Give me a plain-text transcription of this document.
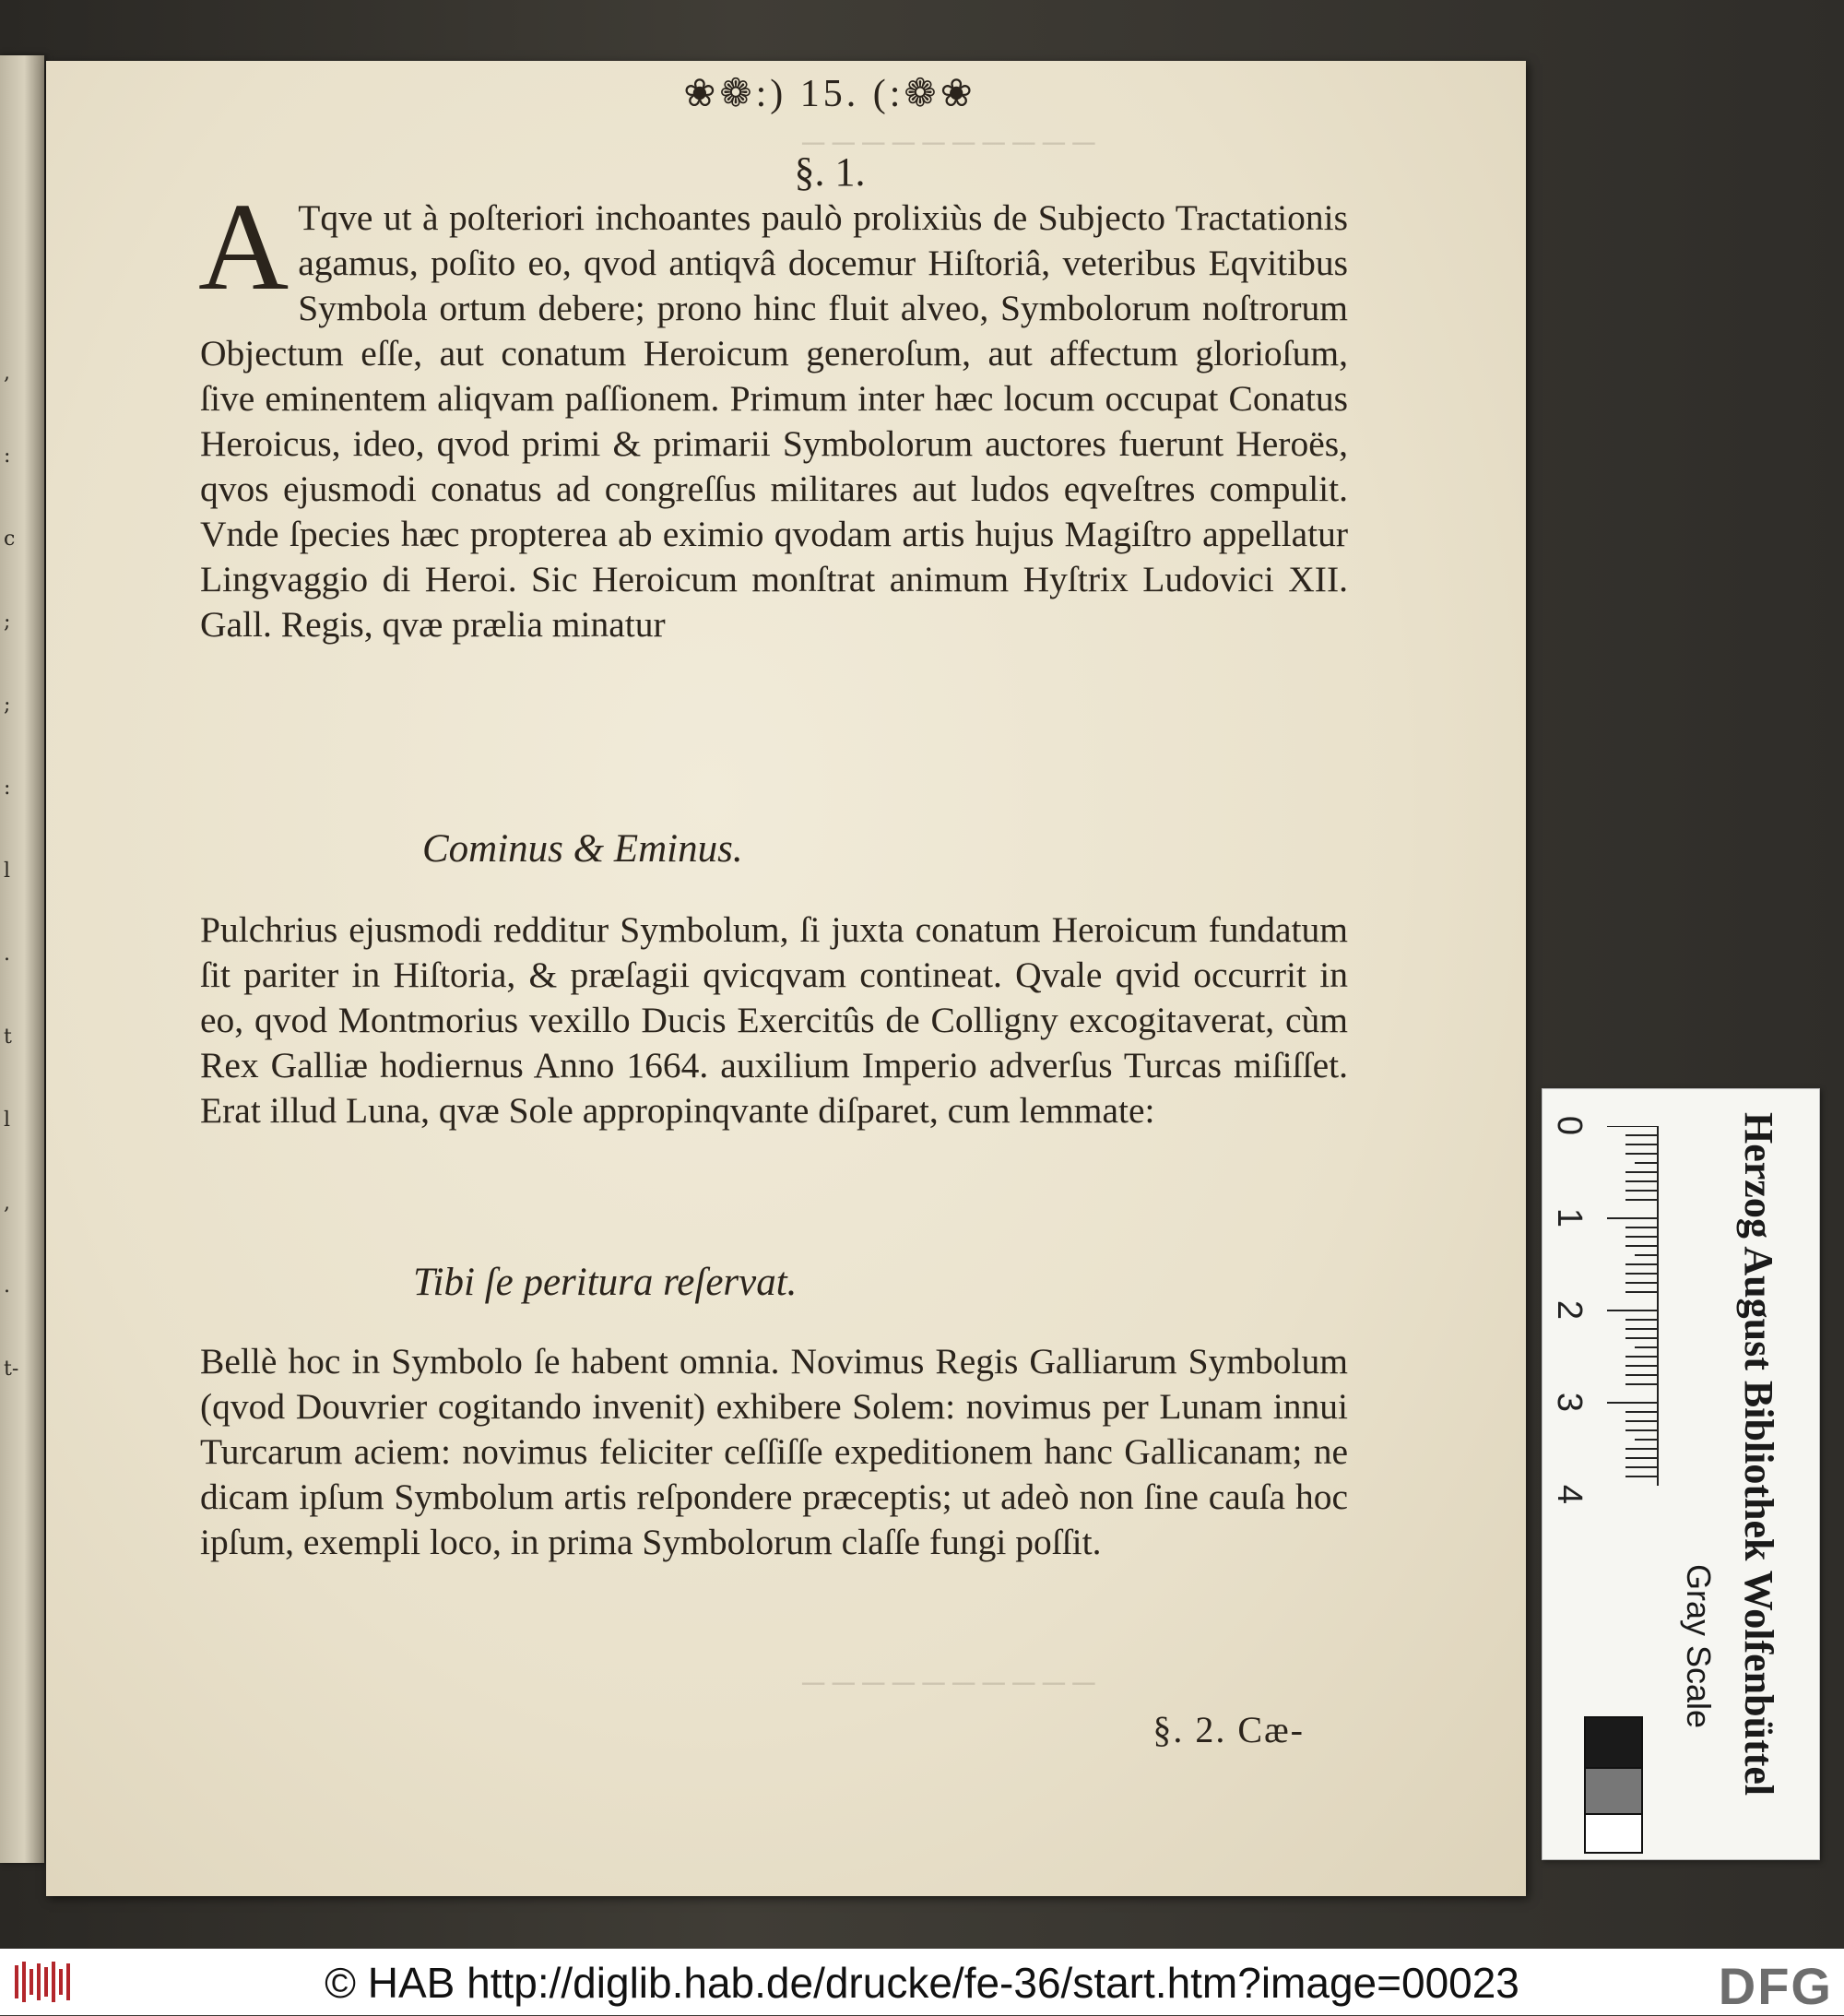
,
:
c
;
;
:
l
.
t
l
,
.
t-
❀❁:) 15. (:❁❀
§. 1.
A Tqve ut à poſteriori inchoantes paulò prolixiùs de Subjecto Tractationis agamus, poſito eo, qvod antiqvâ docemur Hiſtoriâ, veteribus Eqvitibus Symbola ortum debere; prono hinc fluit alveo, Symbolorum noſtrorum Objectum eſſe, aut conatum Heroicum generoſum, aut affectum glorioſum, ſive eminentem aliqvam paſſionem. Primum inter hæc locum occupat Conatus Heroicus, ideo, qvod primi & primarii Symbolorum auctores fuerunt Heroës, qvos ejusmodi conatus ad congreſſus militares aut ludos eqveſtres compulit. Vnde ſpecies hæc propterea ab eximio qvodam artis hujus Magiſtro appellatur Lingvaggio di Heroi. Sic Heroicum monſtrat animum Hyſtrix Ludovici XII. Gall. Regis, qvæ prælia minatur

Cominus & Eminus.

Pulchrius ejusmodi redditur Symbolum, ſi juxta conatum Heroicum fundatum ſit pariter in Hiſtoria, & præſagii qvicqvam contineat. Qvale qvid occurrit in eo, qvod Montmorius vexillo Ducis Exercitûs de Colligny excogitaverat, cùm Rex Galliæ hodiernus Anno 1664. auxilium Imperio adverſus Turcas miſiſſet. Erat illud Luna, qvæ Sole appropinqvante diſparet, cum lemmate:

Tibi ſe peritura reſervat.

Bellè hoc in Symbolo ſe habent omnia. Novimus Regis Galliarum Symbolum (qvod Douvrier cogitando invenit) exhibere Solem: novimus per Lunam innui Turcarum aciem: novimus feliciter ceſſiſſe expeditionem hanc Gallicanam; ne dicam ipſum Symbolum artis reſpondere præceptis; ut adeò non ſine cauſa hoc ipſum, exempli loco, in prima Symbolorum claſſe fungi poſſit.

§. 2. Cæ-
─ ─ ─ ─ ─ ─ ─ ─ ─ ─
─ ─ ─ ─ ─ ─ ─ ─ ─ ─
0
1
2
3
4	Herzog August Bibliothek Wolfenbüttel
Gray Scale
© HAB http://diglib.hab.de/drucke/fe-36/start.htm?image=00023	DFG
